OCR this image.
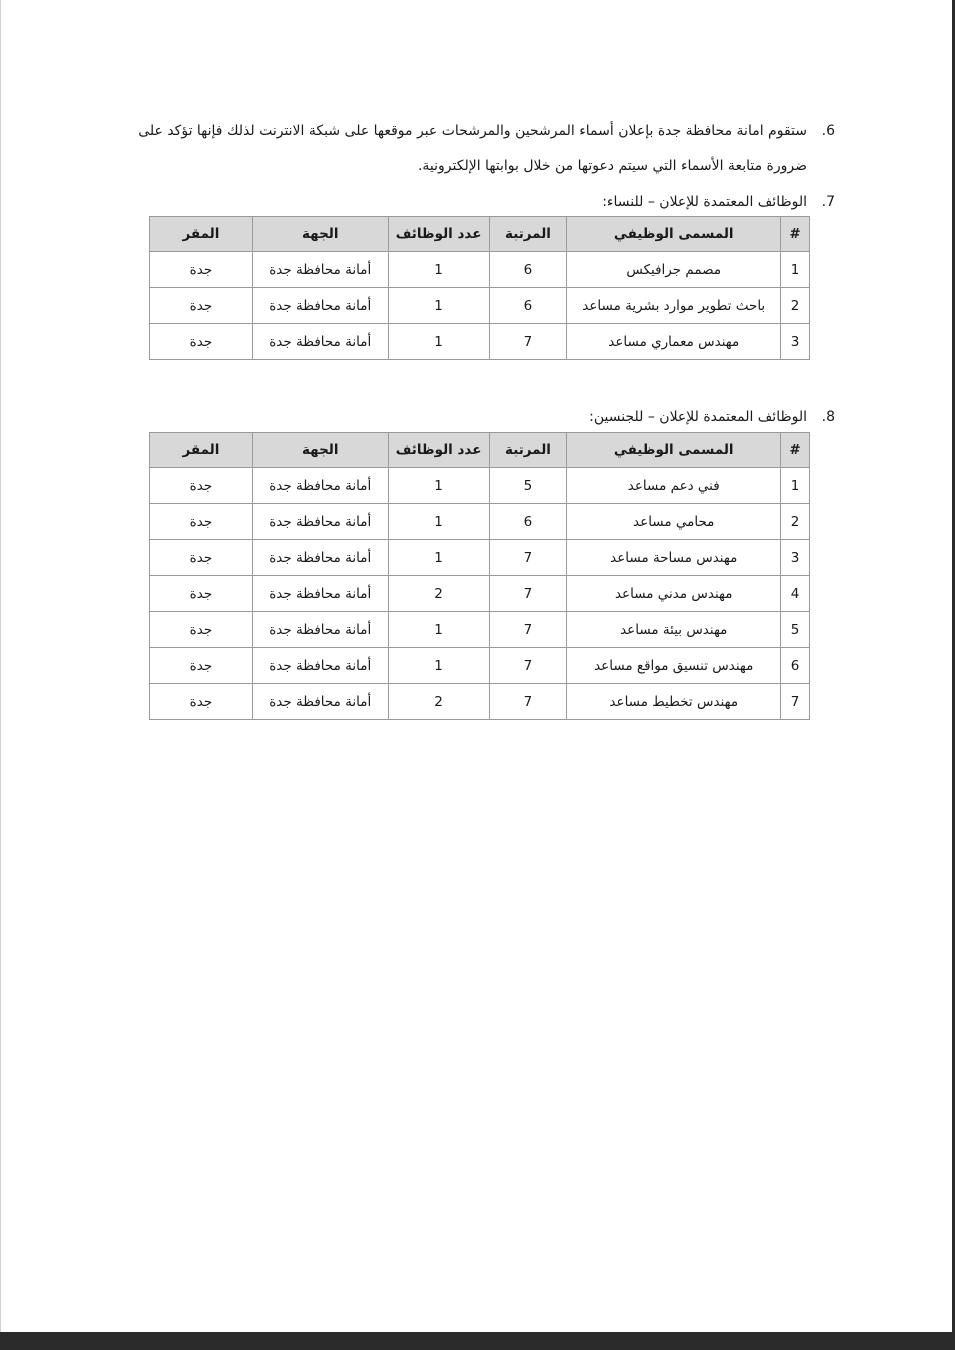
.6
ستقوم امانة محافظة جدة بإعلان أسماء المرشحين والمرشحات عبر موقعها على شبكة الانترنت لذلك فإنها تؤكد على
ضرورة متابعة الأسماء التي سيتم دعوتها من خلال بوابتها الإلكترونية.
.7
الوظائف المعتمدة للإعلان – للنساء:
#	المسمى الوظيفي	المرتبة	عدد الوظائف	الجهة	المقر
1	مصمم جرافيكس	6	1	أمانة محافظة جدة	جدة
2	باحث تطوير موارد بشرية مساعد	6	1	أمانة محافظة جدة	جدة
3	مهندس معماري مساعد	7	1	أمانة محافظة جدة	جدة
.8
الوظائف المعتمدة للإعلان – للجنسين:
#	المسمى الوظيفي	المرتبة	عدد الوظائف	الجهة	المقر
1	فني دعم مساعد	5	1	أمانة محافظة جدة	جدة
2	محامي مساعد	6	1	أمانة محافظة جدة	جدة
3	مهندس مساحة مساعد	7	1	أمانة محافظة جدة	جدة
4	مهندس مدني مساعد	7	2	أمانة محافظة جدة	جدة
5	مهندس بيئة مساعد	7	1	أمانة محافظة جدة	جدة
6	مهندس تنسيق مواقع مساعد	7	1	أمانة محافظة جدة	جدة
7	مهندس تخطيط مساعد	7	2	أمانة محافظة جدة	جدة
